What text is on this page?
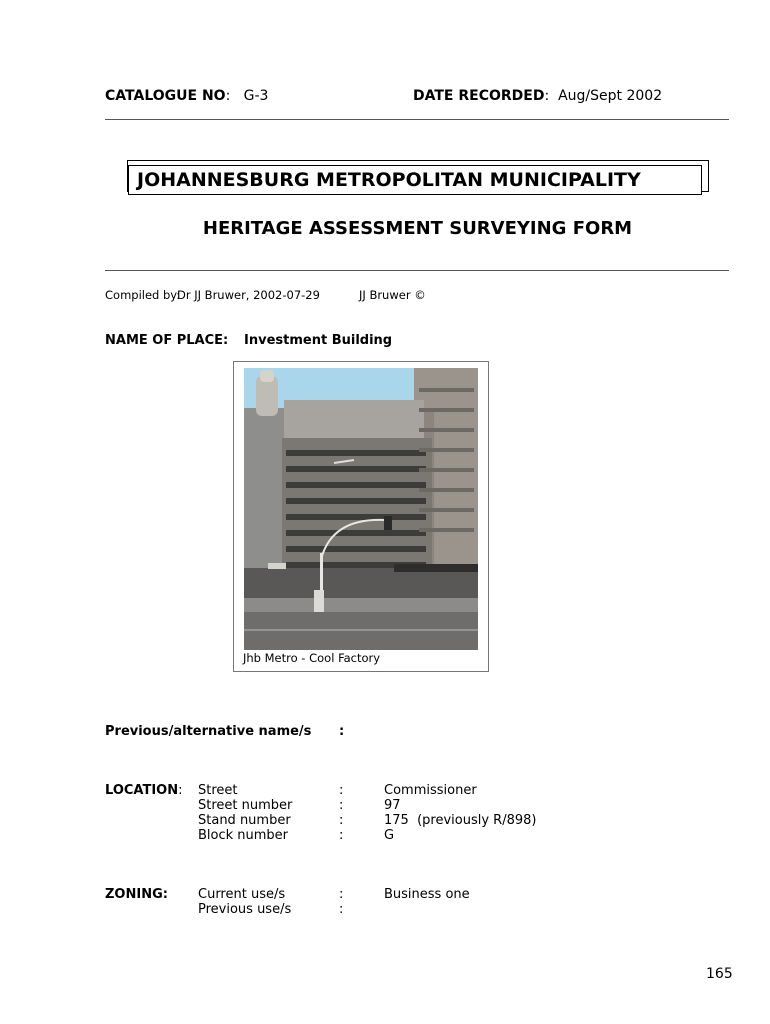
CATALOGUE NO:   G-3	DATE RECORDED:  Aug/Sept 2002
JOHANNESBURG METROPOLITAN MUNICIPALITY
HERITAGE ASSESSMENT SURVEYING FORM
Compiled by:
Dr JJ Bruwer, 2002-07-29	JJ Bruwer ©
NAME OF PLACE: Investment Building
Jhb Metro - Cool Factory
Previous/alternative name/s :
LOCATION: Street	:	Commissioner
Street number	:	97
Stand number	:	175  (previously R/898)
Block number	:	G
ZONING: Current use/s	:	Business one
Previous use/s	:
165
